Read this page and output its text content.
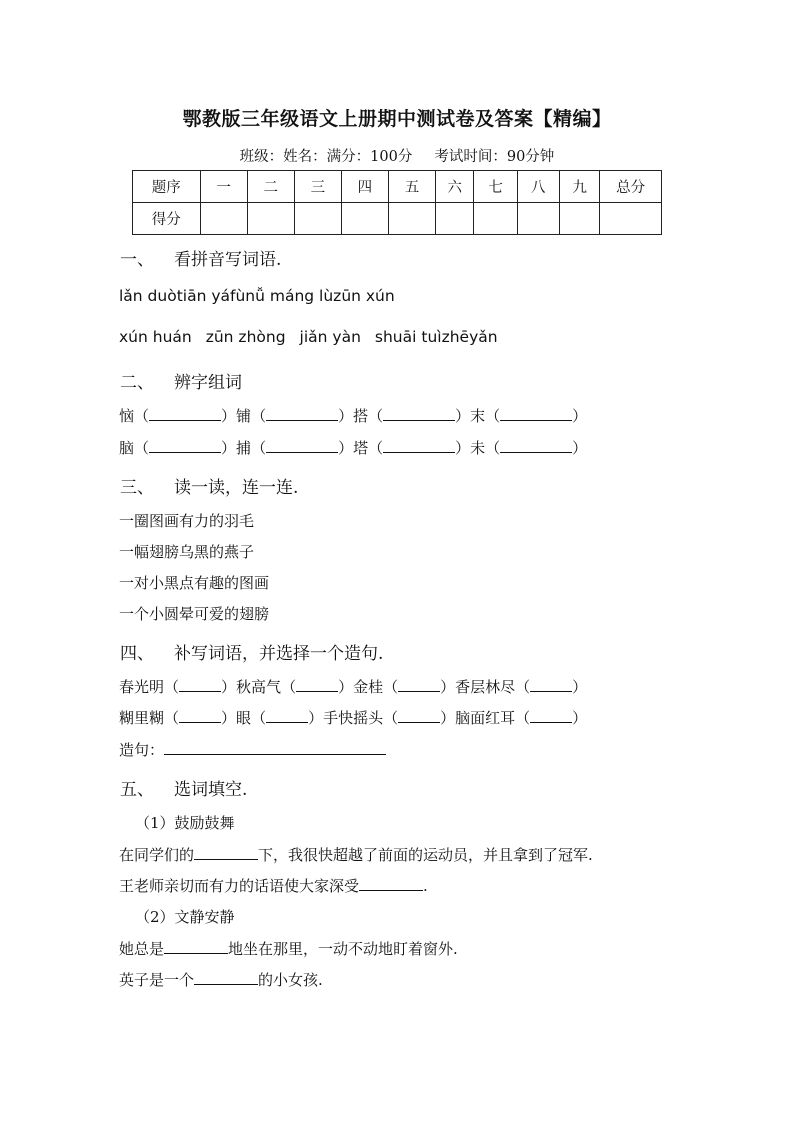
鄂教版三年级语文上册期中测试卷及答案【精编】
班级：姓名：满分：100分 考试时间：90分钟
题序	一	二	三	四	五	六	七	八	九	总分
得分										
一、 看拼音写词语.
lǎn duòtiān yáfùnǚ máng lùzūn xún
xún huán zūn zhòng jiǎn yàn shuāi tuìzhēyǎn
二、 辨字组词
恼（	）铺（	）搭（	）末（	）
脑（	）捕（	）塔（	）未（	）
三、 读一读，连一连.
一圈图画有力的羽毛
一幅翅膀乌黑的燕子
一对小黑点有趣的图画
一个小圆晕可爱的翅膀
四、 补写词语，并选择一个造句.
春光明（	）秋高气（	）金桂（	）香层林尽（	）
糊里糊（	）眼（	）手快摇头（	）脑面红耳（	）
造句：
五、 选词填空.
（1）鼓励鼓舞
在同学们的	下，我很快超越了前面的运动员，并且拿到了冠军.
王老师亲切而有力的话语使大家深受	.
（2）文静安静
她总是	地坐在那里，一动不动地盯着窗外.
英子是一个	的小女孩.
